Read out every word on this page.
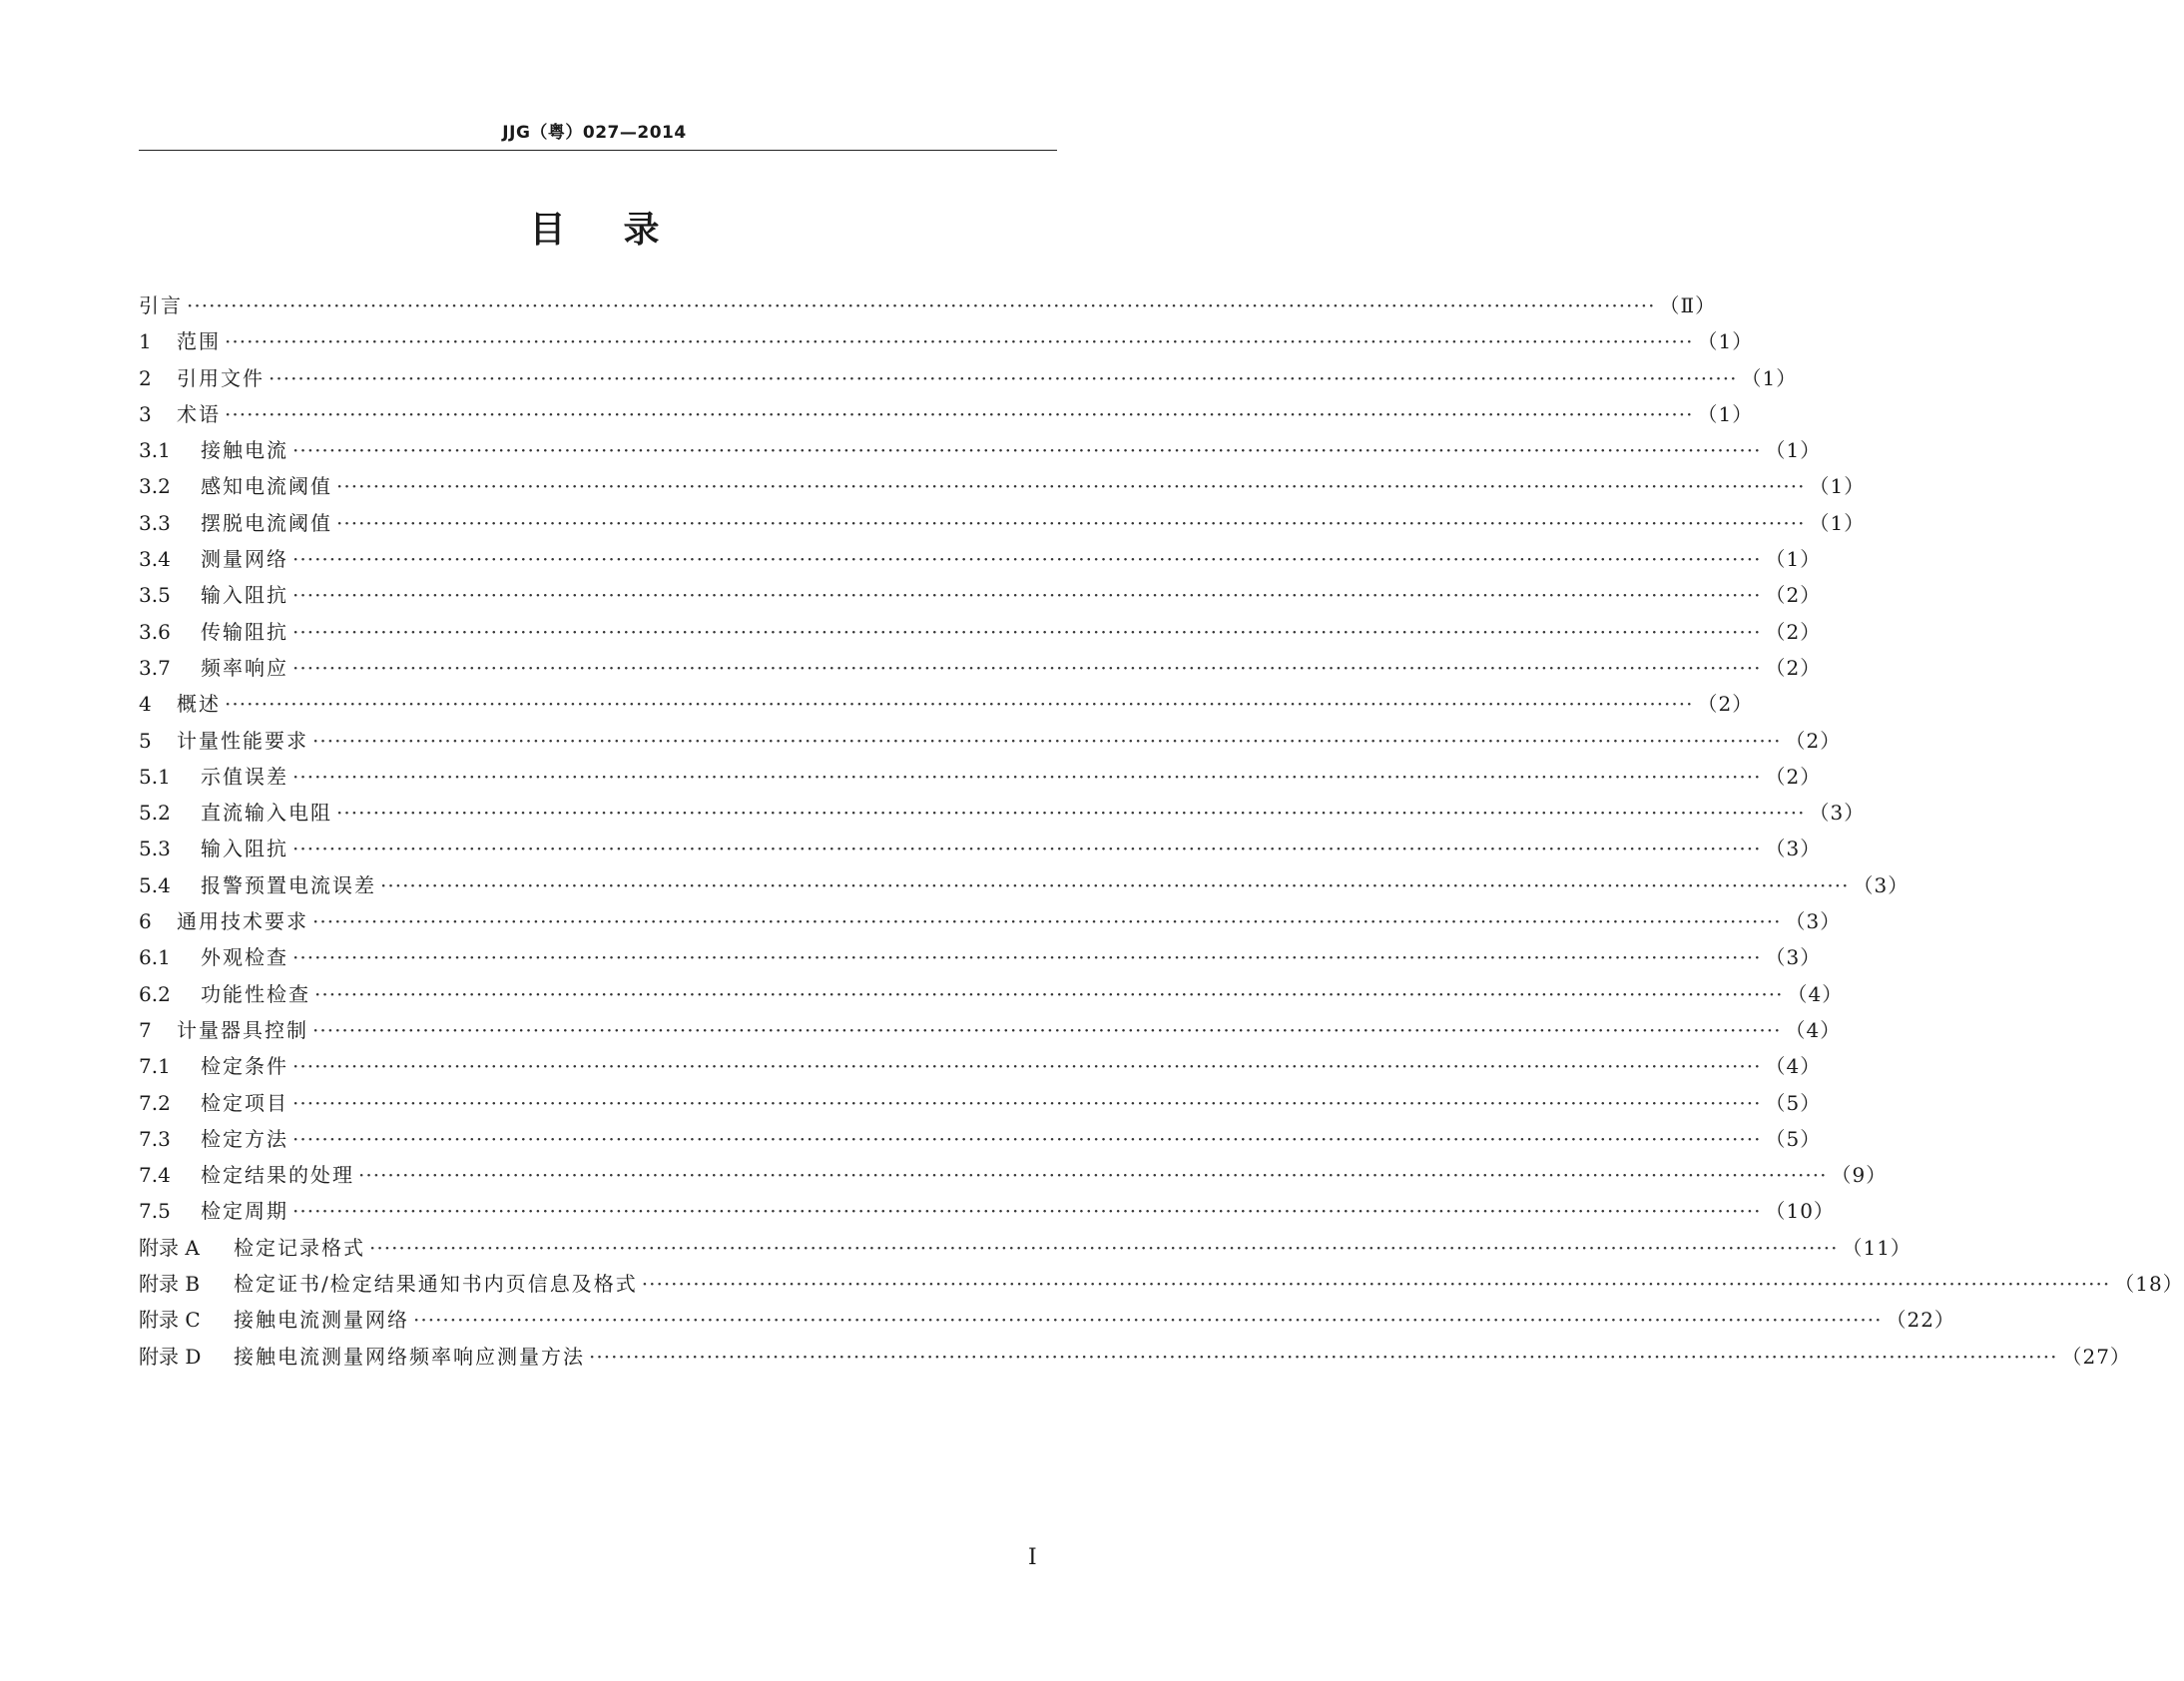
JJG（粤）027—2014
目录
引言 ········································································································································································································ （Ⅱ）
1	范围 ········································································································································································································ （1）
2	引用文件 ········································································································································································································ （1）
3	术语 ········································································································································································································ （1）
3.1	接触电流 ········································································································································································································ （1）
3.2	感知电流阈值 ········································································································································································································ （1）
3.3	摆脱电流阈值 ········································································································································································································ （1）
3.4	测量网络 ········································································································································································································ （1）
3.5	输入阻抗 ········································································································································································································ （2）
3.6	传输阻抗 ········································································································································································································ （2）
3.7	频率响应 ········································································································································································································ （2）
4	概述 ········································································································································································································ （2）
5	计量性能要求 ········································································································································································································ （2）
5.1	示值误差 ········································································································································································································ （2）
5.2	直流输入电阻 ········································································································································································································ （3）
5.3	输入阻抗 ········································································································································································································ （3）
5.4	报警预置电流误差 ········································································································································································································ （3）
6	通用技术要求 ········································································································································································································ （3）
6.1	外观检查 ········································································································································································································ （3）
6.2	功能性检查 ········································································································································································································ （4）
7	计量器具控制 ········································································································································································································ （4）
7.1	检定条件 ········································································································································································································ （4）
7.2	检定项目 ········································································································································································································ （5）
7.3	检定方法 ········································································································································································································ （5）
7.4	检定结果的处理 ········································································································································································································ （9）
7.5	检定周期 ········································································································································································································ （10）
附录 A	检定记录格式 ········································································································································································································ （11）
附录 B	检定证书/检定结果通知书内页信息及格式 ········································································································································································································ （18）
附录 C	接触电流测量网络 ········································································································································································································ （22）
附录 D	接触电流测量网络频率响应测量方法 ········································································································································································································ （27）
I
